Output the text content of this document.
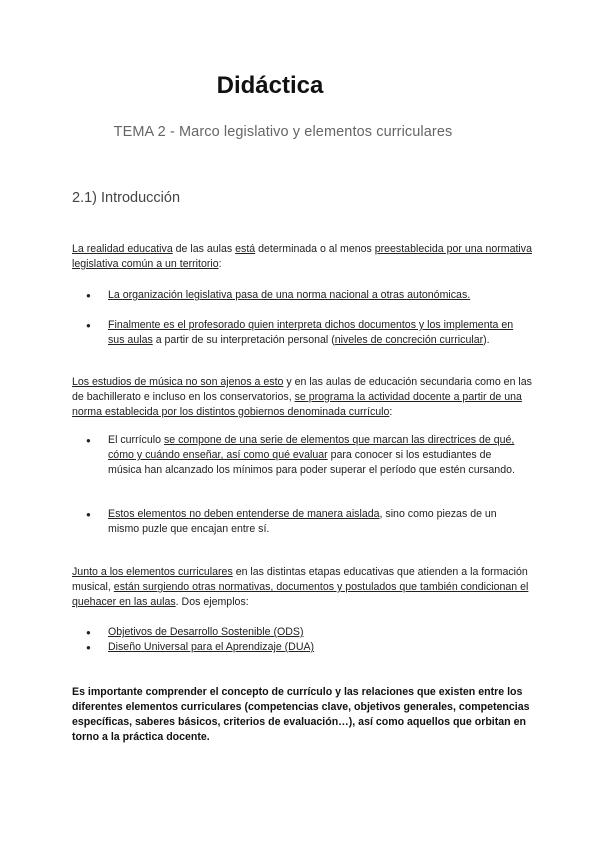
Didáctica
TEMA 2 - Marco legislativo y elementos curriculares
2.1) Introducción

La realidad educativa de las aulas está determinada o al menos preestablecida por una normativa legislativa común a un territorio:

● La organización legislativa pasa de una norma nacional a otras autonómicas.
● Finalmente es el profesorado quien interpreta dichos documentos y los implementa en sus aulas a partir de su interpretación personal (niveles de concreción curricular).

Los estudios de música no son ajenos a esto y en las aulas de educación secundaria como en las de bachillerato e incluso en los conservatorios, se programa la actividad docente a partir de una norma establecida por los distintos gobiernos denominada currículo:

● El currículo se compone de una serie de elementos que marcan las directrices de qué, cómo y cuándo enseñar, así como qué evaluar para conocer si los estudiantes de música han alcanzado los mínimos para poder superar el período que estén cursando.
● Estos elementos no deben entenderse de manera aislada, sino como piezas de un mismo puzle que encajan entre sí.

Junto a los elementos curriculares en las distintas etapas educativas que atienden a la formación musical, están surgiendo otras normativas, documentos y postulados que también condicionan el quehacer en las aulas. Dos ejemplos:

● Objetivos de Desarrollo Sostenible (ODS)
● Diseño Universal para el Aprendizaje (DUA)

Es importante comprender el concepto de currículo y las relaciones que existen entre los diferentes elementos curriculares (competencias clave, objetivos generales, competencias específicas, saberes básicos, criterios de evaluación…), así como aquellos que orbitan en torno a la práctica docente.
